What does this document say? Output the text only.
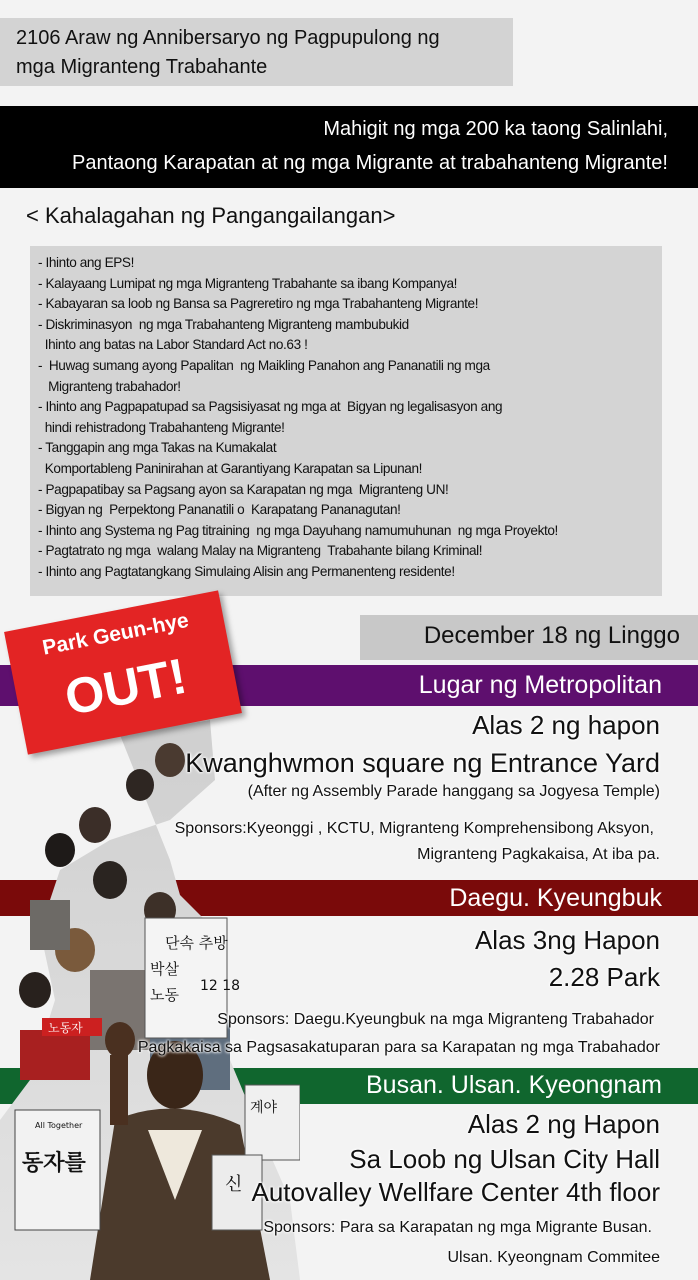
2106 Araw ng Annibersaryo ng Pagpupulong ng
mga Migranteng Trabahante
Mahigit ng mga 200 ka taong Salinlahi,
Pantaong Karapatan at ng mga Migrante at trabahanteng Migrante!
< Kahalagahan ng Pangangailangan>
- Ihinto ang EPS!
- Kalayaang Lumipat ng mga Migranteng Trabahante sa ibang Kompanya!
- Kabayaran sa loob ng Bansa sa Pagreretiro ng mga Trabahanteng Migrante!
- Diskriminasyon  ng mga Trabahanteng Migranteng mambubukid
Ihinto ang batas na Labor Standard Act no.63 !
-  Huwag sumang ayong Papalitan  ng Maikling Panahon ang Pananatili ng mga
Migranteng trabahador!
- Ihinto ang Pagpapatupad sa Pagsisiyasat ng mga at  Bigyan ng legalisasyon ang
hindi rehistradong Trabahanteng Migrante!
- Tanggapin ang mga Takas na Kumakalat
Komportableng Paninirahan at Garantiyang Karapatan sa Lipunan!
- Pagpapatibay sa Pagsang ayon sa Karapatan ng mga  Migranteng UN!
- Bigyan ng  Perpektong Pananatili o  Karapatang Pananagutan!
- Ihinto ang Systema ng Pag titraining  ng mga Dayuhang namumuhunan  ng mga Proyekto!
- Pagtatrato ng mga  walang Malay na Migranteng  Trabahante bilang Kriminal!
- Ihinto ang Pagtatangkang Simulaing Alisin ang Permanenteng residente!
December 18 ng Linggo
단속 추방
박살
노동 12 18
노동자
All Together
동자를
계야
신
Park Geun-hye
OUT!	Lugar ng Metropolitan
Alas 2 ng hapon
Kwanghwmon square ng Entrance Yard
(After ng Assembly Parade hanggang sa Jogyesa Temple)
Sponsors:Kyeonggi , KCTU, Migranteng Komprehensibong Aksyon,
Migranteng Pagkakaisa, At iba pa.
Daegu. Kyeungbuk
Alas 3ng Hapon
2.28 Park
Sponsors: Daegu.Kyeungbuk na mga Migranteng Trabahador
Pagkakaisa sa Pagsasakatuparan para sa Karapatan ng mga Trabahador
Busan. Ulsan. Kyeongnam
Alas 2 ng Hapon
Sa Loob ng Ulsan City Hall
Autovalley Wellfare Center 4th floor
Sponsors: Para sa Karapatan ng mga Migrante Busan.
Ulsan. Kyeongnam Commitee
